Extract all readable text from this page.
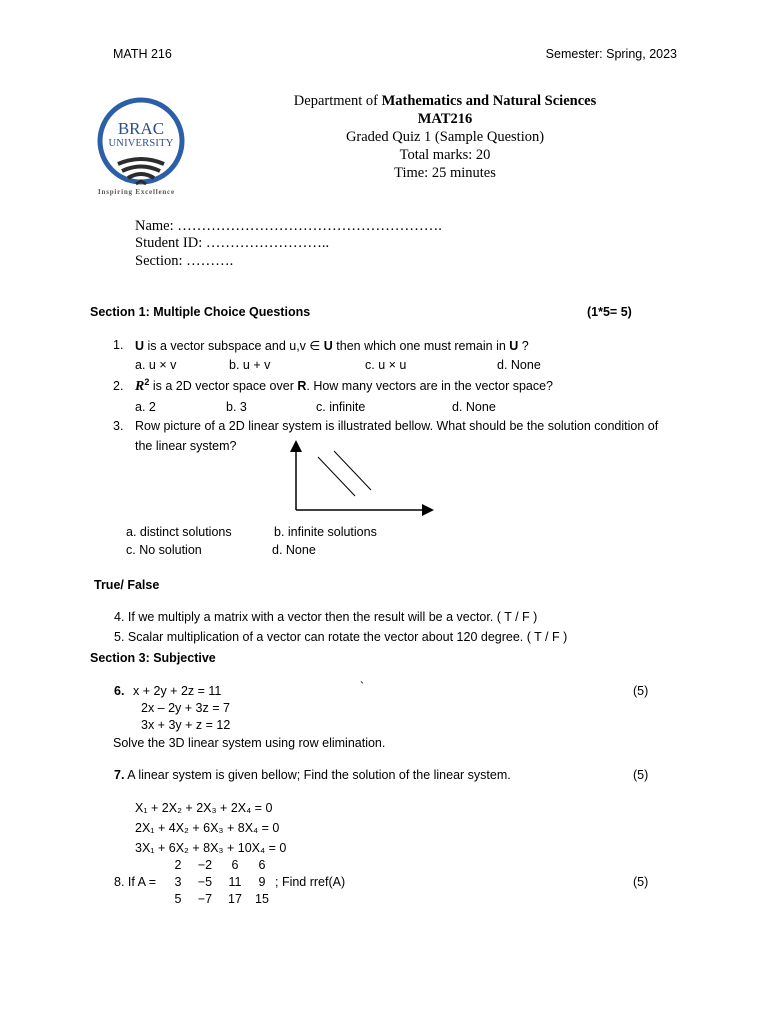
MATH 216	Semester: Spring, 2023
BRAC
UNIVERSITY
Inspiring Excellence
Department of Mathematics and Natural Sciences
MAT216
Graded Quiz 1 (Sample Question)
Total marks: 20
Time: 25 minutes
Name: ……………………………………………….
Student ID: ……………………..
Section: ……….
Section 1: Multiple Choice Questions	(1*5= 5)
1. U is a vector subspace and u,v ∈ U then which one must remain in U ?
a. u × v	b. u + v	c. u × u	d. None
2. $R^2$ is a 2D vector space over R. How many vectors are in the vector space?
a. 2	b. 3	c. infinite	d. None
3. Row picture of a 2D linear system is illustrated bellow. What should be the solution condition of
the linear system?
a. distinct solutions	b. infinite solutions
c. No solution	d. None
True/ False
4. If we multiply a matrix with a vector then the result will be a vector. ( T / F )
5. Scalar multiplication of a vector can rotate the vector about 120 degree. ( T / F )
Section 3: Subjective
6. x + 2y + 2z = 11	`	(5)
2x – 2y + 3z = 7
3x + 3y + z = 12
Solve the 3D linear system using row elimination.
7. A linear system is given bellow; Find the solution of the linear system.	(5)
X₁ + 2X₂ + 2X₃ + 2X₄ = 0
2X₁ + 4X₂ + 6X₃ + 8X₄ = 0
3X₁ + 6X₂ + 8X₃ + 10X₄ = 0
8. If A =
2	−2	6	6
3	−5	11	9
5	−7	17	15
; Find rref(A)	(5)
